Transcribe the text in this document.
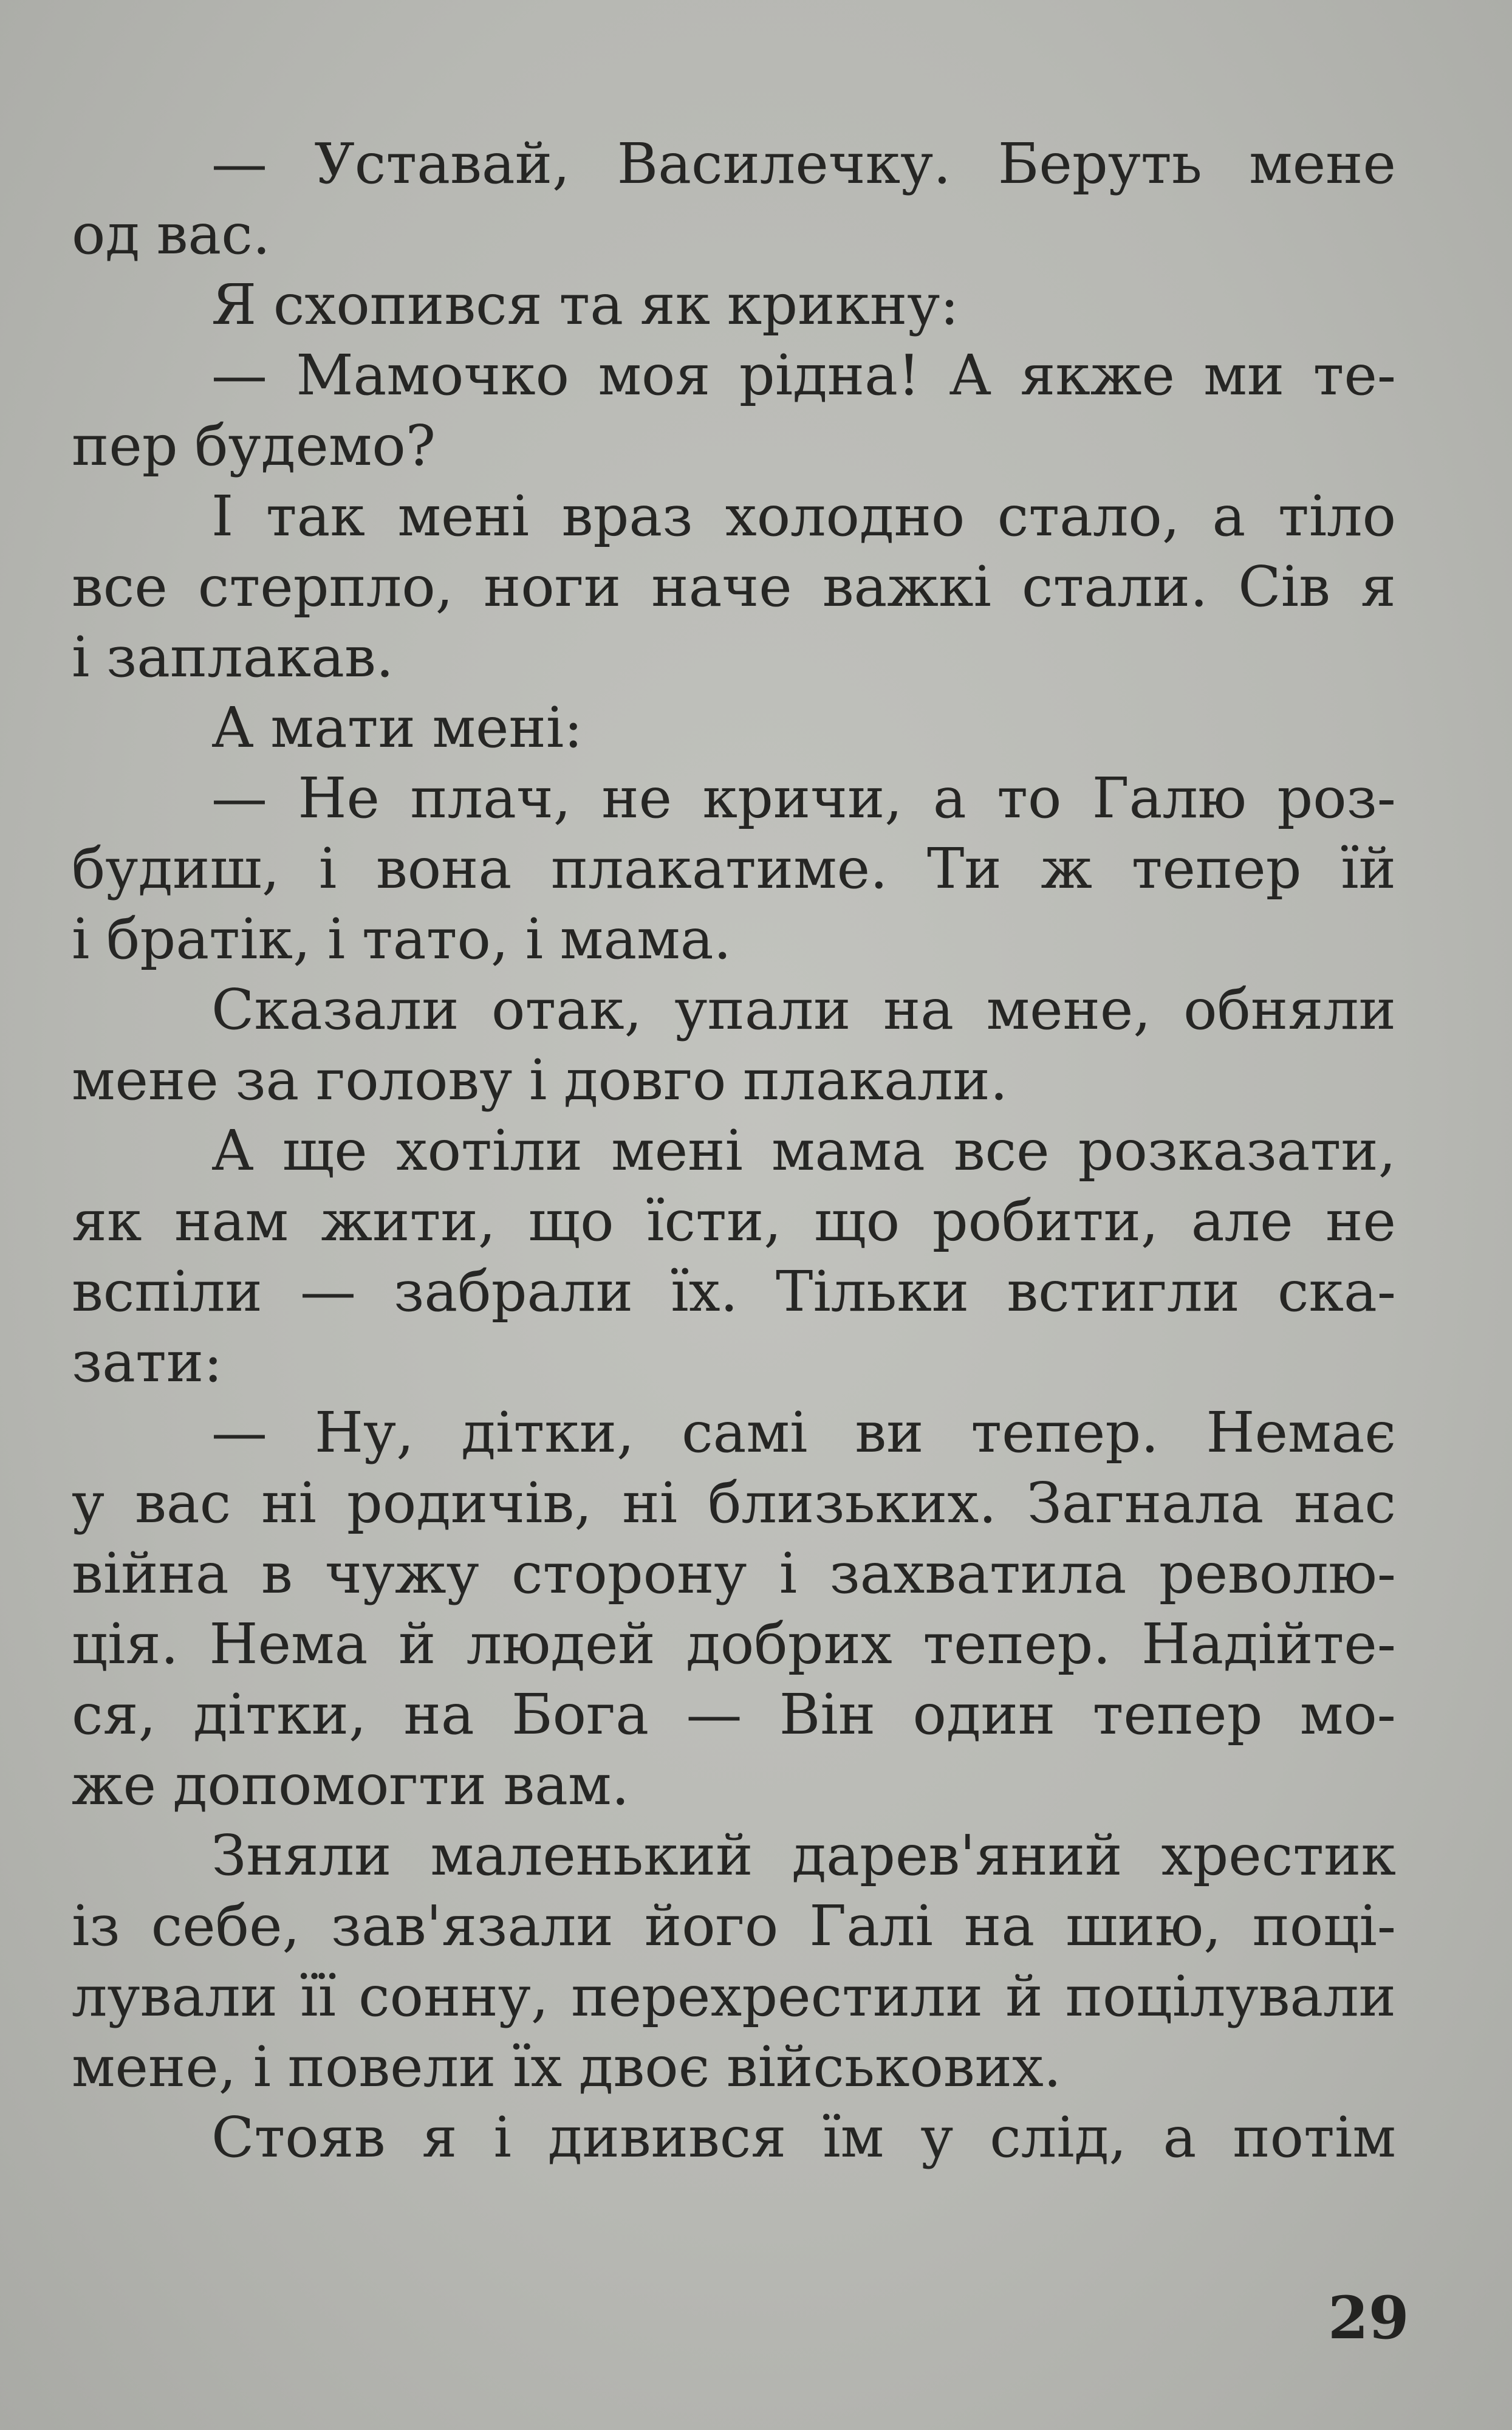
— Уставай, Василечку. Беруть мене
од вас.
Я схопився та як крикну:
— Мамочко моя рідна! А якже ми те-
пер будемо?
І так мені враз холодно стало, а тіло
все стерпло, ноги наче важкі стали. Сів я
і заплакав.
А мати мені:
— Не плач, не кричи, а то Галю роз-
будиш, і вона плакатиме. Ти ж тепер їй
і братік, і тато, і мама.
Сказали отак, упали на мене, обняли
мене за голову і довго плакали.
А ще хотіли мені мама все розказати,
як нам жити, що їсти, що робити, але не
вспіли — забрали їх. Тільки встигли ска-
зати:
— Ну, дітки, самі ви тепер. Немає
у вас ні родичів, ні близьких. Загнала нас
війна в чужу сторону і захватила револю-
ція. Нема й людей добрих тепер. Надійте-
ся, дітки, на Бога — Він один тепер мо-
же допомогти вам.
Зняли маленький дарев'яний хрестик
із себе, зав'язали його Галі на шию, поці-
лували її сонну, перехрестили й поцілували
мене, і повели їх двоє військових.
Стояв я і дивився їм у слід, а потім
29
